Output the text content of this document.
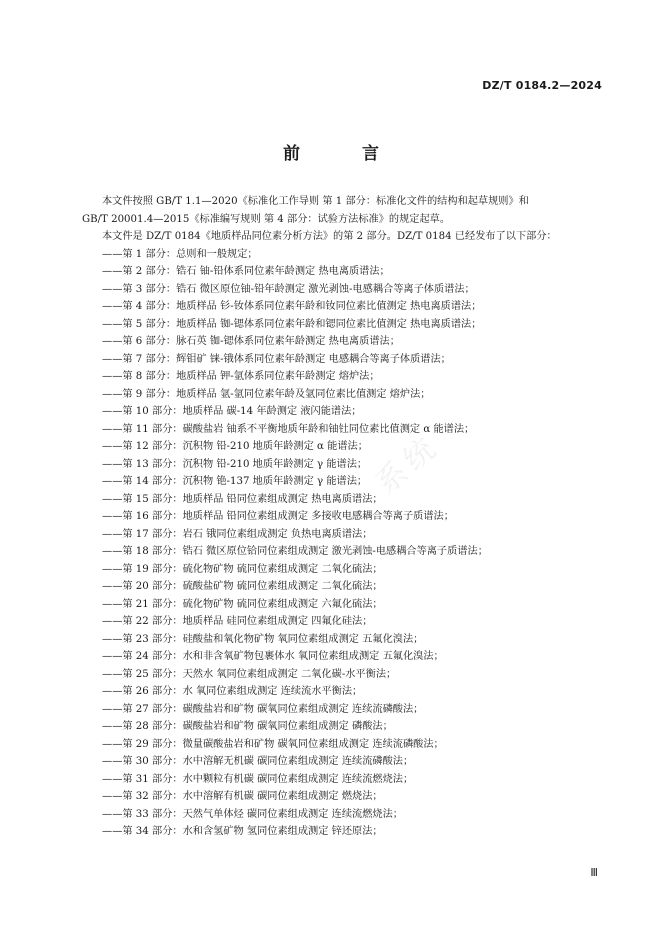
DZ/T 0184.2—2024
前 言
系统

本文件按照 GB/T 1.1—2020《标准化工作导则 第 1 部分：标准化文件的结构和起草规则》和

GB/T 20001.4—2015《标准编写规则 第 4 部分：试验方法标准》的规定起草。

本文件是 DZ/T 0184《地质样品同位素分析方法》的第 2 部分。DZ/T 0184 已经发布了以下部分：

——第 1 部分：总则和一般规定；
——第 2 部分：锆石 铀-铅体系同位素年龄测定 热电离质谱法；
——第 3 部分：锆石 微区原位铀-铅年龄测定 激光剥蚀-电感耦合等离子体质谱法；
——第 4 部分：地质样品 钐-钕体系同位素年龄和钕同位素比值测定 热电离质谱法；
——第 5 部分：地质样品 铷-锶体系同位素年龄和锶同位素比值测定 热电离质谱法；
——第 6 部分：脉石英 铷-锶体系同位素年龄测定 热电离质谱法；
——第 7 部分：辉钼矿 铼-锇体系同位素年龄测定 电感耦合等离子体质谱法；
——第 8 部分：地质样品 钾-氩体系同位素年龄测定 熔炉法；
——第 9 部分：地质样品 氩-氩同位素年龄及氩同位素比值测定 熔炉法；
——第 10 部分：地质样品 碳-14 年龄测定 液闪能谱法；
——第 11 部分：碳酸盐岩 铀系不平衡地质年龄和铀钍同位素比值测定 α 能谱法；
——第 12 部分：沉积物 铅-210 地质年龄测定 α 能谱法；
——第 13 部分：沉积物 铅-210 地质年龄测定 γ 能谱法；
——第 14 部分：沉积物 铯-137 地质年龄测定 γ 能谱法；
——第 15 部分：地质样品 铅同位素组成测定 热电离质谱法；
——第 16 部分：地质样品 铅同位素组成测定 多接收电感耦合等离子质谱法；
——第 17 部分：岩石 锇同位素组成测定 负热电离质谱法；
——第 18 部分：锆石 微区原位铪同位素组成测定 激光剥蚀-电感耦合等离子质谱法；
——第 19 部分：硫化物矿物 硫同位素组成测定 二氧化硫法；
——第 20 部分：硫酸盐矿物 硫同位素组成测定 二氧化硫法；
——第 21 部分：硫化物矿物 硫同位素组成测定 六氟化硫法；
——第 22 部分：地质样品 硅同位素组成测定 四氟化硅法；
——第 23 部分：硅酸盐和氧化物矿物 氧同位素组成测定 五氟化溴法；
——第 24 部分：水和非含氧矿物包裹体水 氧同位素组成测定 五氟化溴法；
——第 25 部分：天然水 氧同位素组成测定 二氧化碳-水平衡法；
——第 26 部分：水 氧同位素组成测定 连续流水平衡法；
——第 27 部分：碳酸盐岩和矿物 碳氧同位素组成测定 连续流磷酸法；
——第 28 部分：碳酸盐岩和矿物 碳氧同位素组成测定 磷酸法；
——第 29 部分：微量碳酸盐岩和矿物 碳氧同位素组成测定 连续流磷酸法；
——第 30 部分：水中溶解无机碳 碳同位素组成测定 连续流磷酸法；
——第 31 部分：水中颗粒有机碳 碳同位素组成测定 连续流燃烧法；
——第 32 部分：水中溶解有机碳 碳同位素组成测定 燃烧法；
——第 33 部分：天然气单体烃 碳同位素组成测定 连续流燃烧法；
——第 34 部分：水和含氢矿物 氢同位素组成测定 锌还原法；
Ⅲ
